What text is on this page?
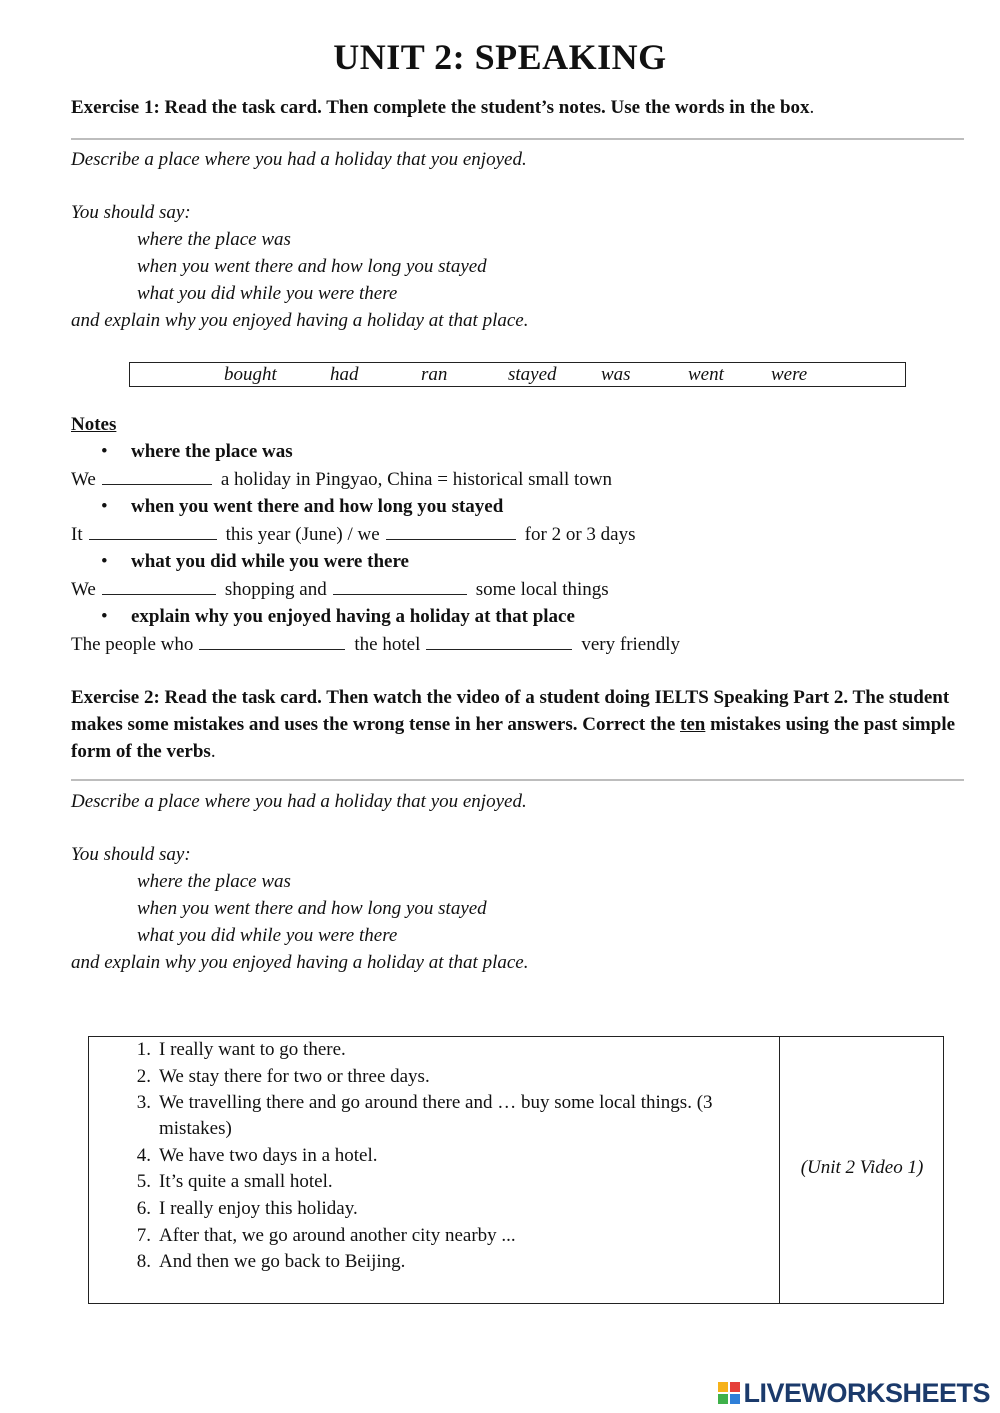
UNIT 2: SPEAKING
Exercise 1: Read the task card. Then complete the student’s notes. Use the words in the box.
Describe a place where you had a holiday that you enjoyed.
You should say:
where the place was
when you went there and how long you stayed
what you did while you were there
and explain why you enjoyed having a holiday at that place.
bought	had	ran	stayed was	went were
Notes
• where the place was
We	a holiday in Pingyao, China = historical small town
• when you went there and how long you stayed
It	this year (June) / we	for 2 or 3 days
• what you did while you were there
We	shopping and	some local things
• explain why you enjoyed having a holiday at that place
The people who	the hotel	very friendly
Exercise 2: Read the task card. Then watch the video of a student doing IELTS Speaking Part 2. The student makes some mistakes and uses the wrong tense in her answers. Correct the ten mistakes using the past simple form of the verbs.
Describe a place where you had a holiday that you enjoyed.
You should say:
where the place was
when you went there and how long you stayed
what you did while you were there
and explain why you enjoyed having a holiday at that place.
1. I really want to go there.
2. We stay there for two or three days.
3. We travelling there and go around there and … buy some local things. (3 mistakes)
4. We have two days in a hotel.
5. It’s quite a small hotel.
6. I really enjoy this holiday.
7. After that, we go around another city nearby ...
8. And then we go back to Beijing.
(Unit 2 Video 1)
LIVEWORKSHEETS
